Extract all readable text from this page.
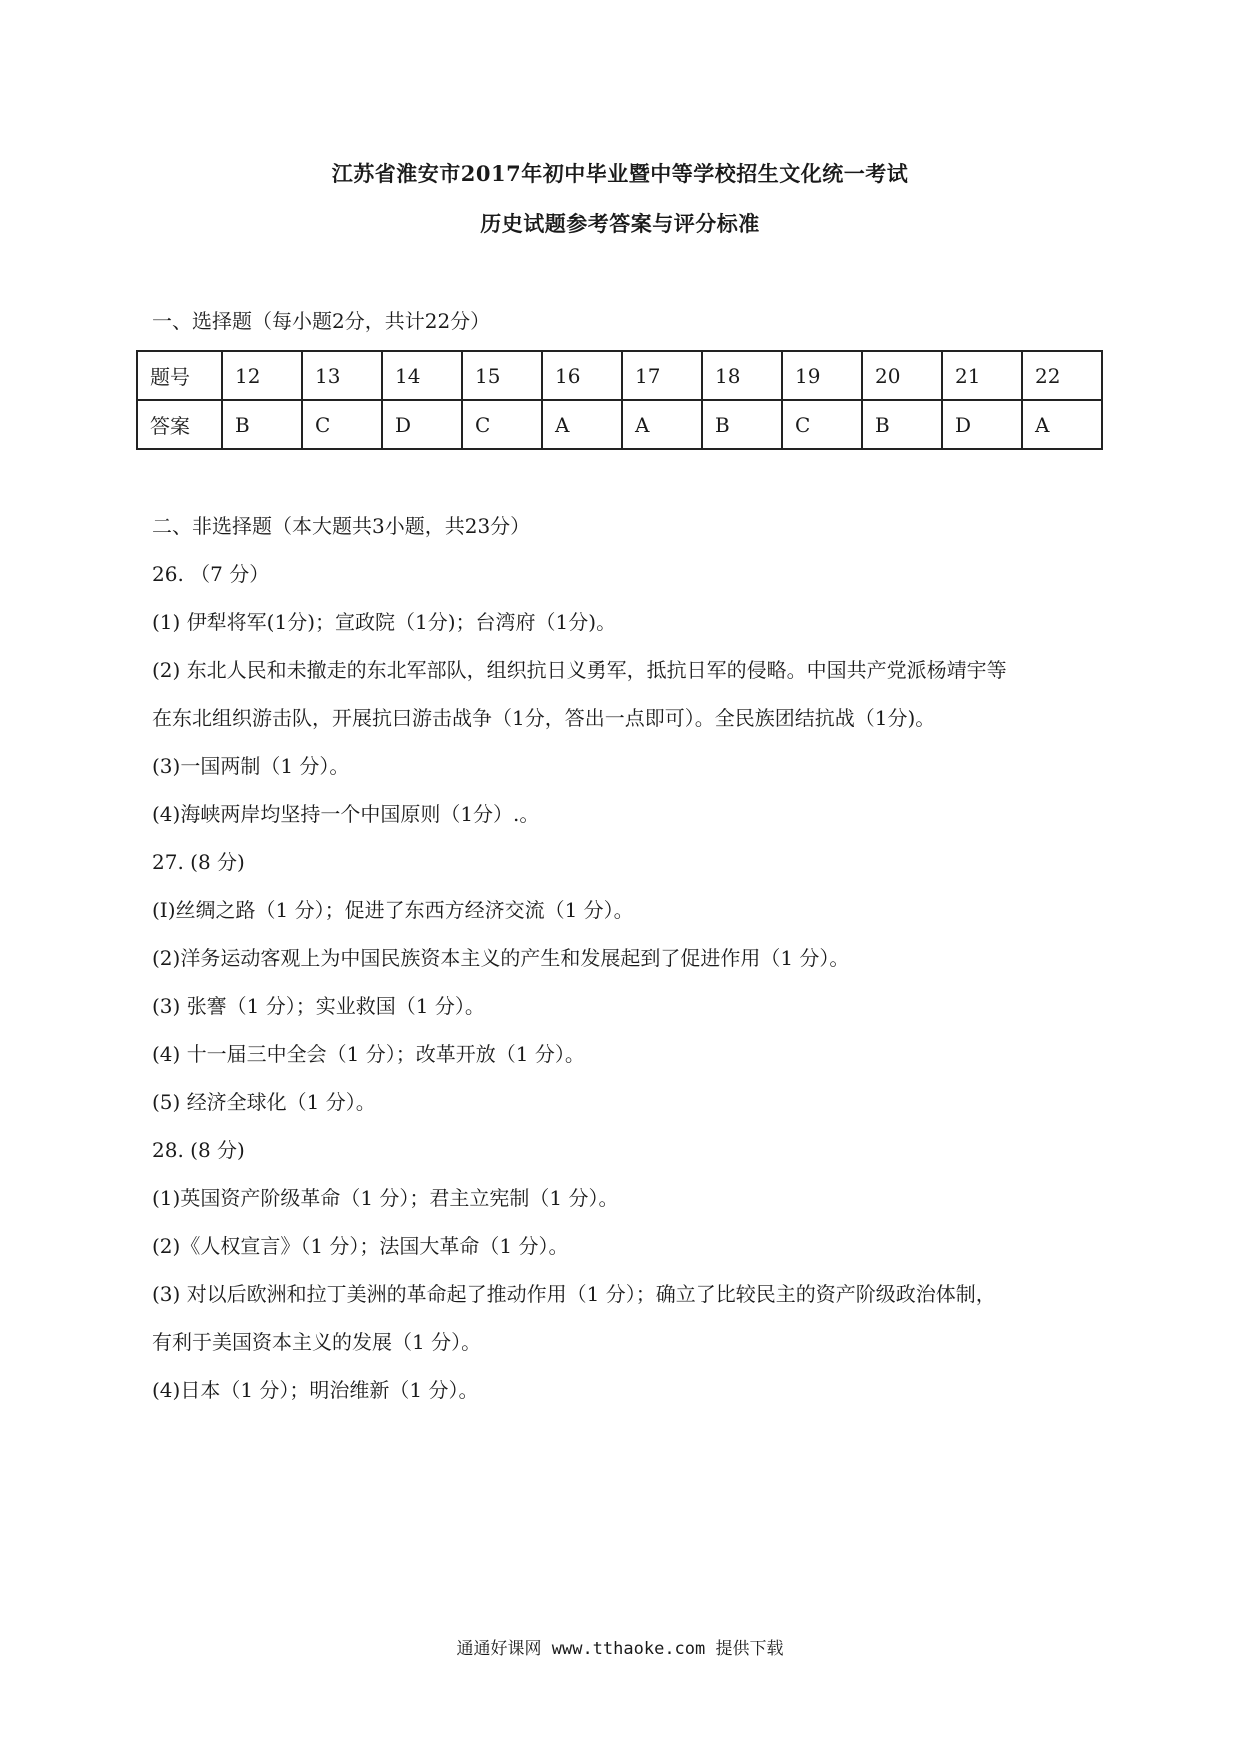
江苏省淮安市2017年初中毕业暨中等学校招生文化统一考试
历史试题参考答案与评分标准
一、选择题（每小题2分，共计22分）
题号	12	13	14	15	16	17	18	19	20	21	22
答案	B	C	D	C	A	A	B	C	B	D	A
二、非选择题（本大题共3小题，共23分）
26. （7 分）
(1) 伊犁将军(1分)；宣政院（1分)；台湾府（1分)。
(2) 东北人民和未撤走的东北军部队，组织抗日义勇军，抵抗日军的侵略。中国共产党派杨靖宇等
在东北组织游击队，开展抗曰游击战争（1分，答出一点即可）。全民族团结抗战（1分)。
(3)一国两制（1 分）。
(4)海峡两岸均坚持一个中国原则（1分）.。
27. (8 分)
(I)丝绸之路（1 分）；促进了东西方经济交流（1 分）。
(2)洋务运动客观上为中国民族资本主义的产生和发展起到了促进作用（1 分）。
(3) 张謇（1 分）；实业救国（1 分）。
(4) 十一届三中全会（1 分）；改革开放（1 分）。
(5) 经济全球化（1 分）。
28. (8 分)
(1)英国资产阶级革命（1 分）；君主立宪制（1 分）。
(2)《人权宣言》（1 分）；法国大革命（1 分）。
(3) 对以后欧洲和拉丁美洲的革命起了推动作用（1 分）；确立了比较民主的资产阶级政治体制，
有利于美国资本主义的发展（1 分）。
(4)日本（1 分）；明治维新（1 分）。
通通好课网 www.tthaoke.com 提供下载
